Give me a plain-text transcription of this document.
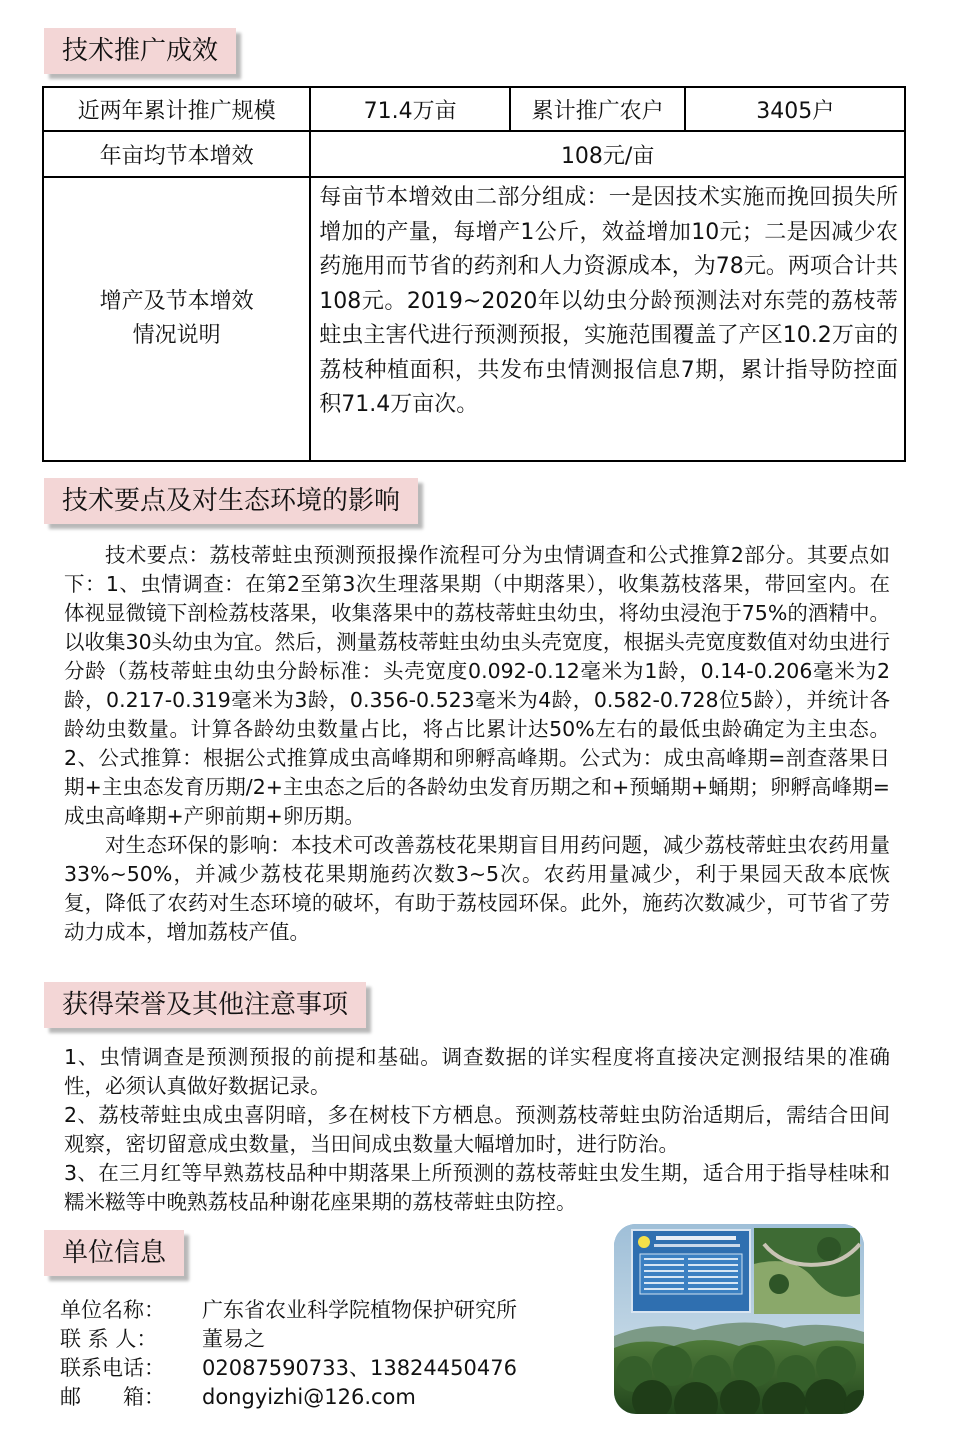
技术推广成效
近两年累计推广规模	71.4万亩	累计推广农户	3405户
年亩均节本增效	108元/亩		

增产及节本增效
情况说明	每亩节本增效由二部分组成：一是因技术实施而挽回损失所增加的产量，每增产1公斤，效益增加10元；二是因减少农药施用而节省的药剂和人力资源成本，为78元。两项合计共108元。2019~2020年以幼虫分龄预测法对东莞的荔枝蒂蛀虫主害代进行预测预报，实施范围覆盖了产区10.2万亩的荔枝种植面积，共发布虫情测报信息7期，累计指导防控面积71.4万亩次。		
技术要点及对生态环境的影响

技术要点：荔枝蒂蛀虫预测预报操作流程可分为虫情调查和公式推算2部分。其要点如下：1、虫情调查：在第2至第3次生理落果期（中期落果），收集荔枝落果，带回室内。在体视显微镜下剖检荔枝落果，收集落果中的荔枝蒂蛀虫幼虫，将幼虫浸泡于75%的酒精中。以收集30头幼虫为宜。然后，测量荔枝蒂蛀虫幼虫头壳宽度，根据头壳宽度数值对幼虫进行分龄（荔枝蒂蛀虫幼虫分龄标准：头壳宽度0.092-0.12毫米为1龄，0.14-0.206毫米为2龄，0.217-0.319毫米为3龄，0.356-0.523毫米为4龄，0.582-0.728位5龄），并统计各龄幼虫数量。计算各龄幼虫数量占比，将占比累计达50%左右的最低虫龄确定为主虫态。2、公式推算：根据公式推算成虫高峰期和卵孵高峰期。公式为：成虫高峰期=剖查落果日期+主虫态发育历期/2+主虫态之后的各龄幼虫发育历期之和+预蛹期+蛹期；卵孵高峰期=成虫高峰期+产卵前期+卵历期。

对生态环保的影响：本技术可改善荔枝花果期盲目用药问题，减少荔枝蒂蛀虫农药用量33%~50%，并减少荔枝花果期施药次数3~5次。农药用量减少，利于果园天敌本底恢复，降低了农药对生态环境的破坏，有助于荔枝园环保。此外，施药次数减少，可节省了劳动力成本，增加荔枝产值。

获得荣誉及其他注意事项

1、虫情调查是预测预报的前提和基础。调查数据的详实程度将直接决定测报结果的准确性，必须认真做好数据记录。

2、荔枝蒂蛀虫成虫喜阴暗，多在树枝下方栖息。预测荔枝蒂蛀虫防治适期后，需结合田间观察，密切留意成虫数量，当田间成虫数量大幅增加时，进行防治。

3、在三月红等早熟荔枝品种中期落果上所预测的荔枝蒂蛀虫发生期，适合用于指导桂味和糯米糍等中晚熟荔枝品种谢花座果期的荔枝蒂蛀虫防控。

单位信息
单位名称：	广东省农业科学院植物保护研究所
联 系 人：	董易之
联系电话：	02087590733、13824450476
邮　　箱：	dongyizhi@126.com
